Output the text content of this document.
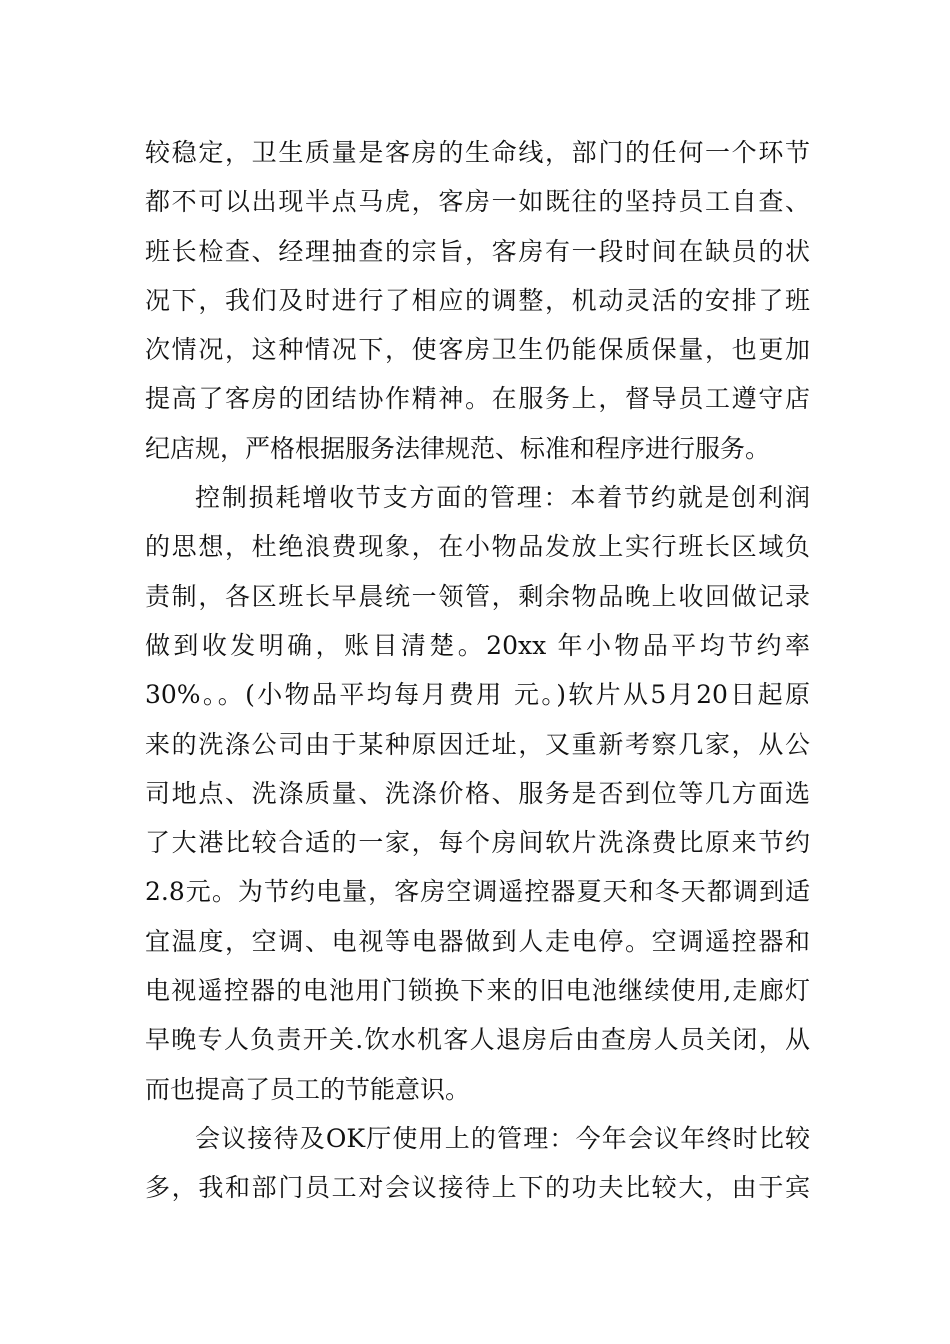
较稳定，卫生质量是客房的生命线，部门的任何一个环节
都不可以出现半点马虎，客房一如既往的坚持员工自查、
班长检查、经理抽查的宗旨，客房有一段时间在缺员的状
况下，我们及时进行了相应的调整，机动灵活的安排了班
次情况，这种情况下，使客房卫生仍能保质保量，也更加
提高了客房的团结协作精神。在服务上，督导员工遵守店
纪店规，严格根据服务法律规范、标准和程序进行服务。
控制损耗增收节支方面的管理：本着节约就是创利润
的思想，杜绝浪费现象，在小物品发放上实行班长区域负
责制，各区班长早晨统一领管，剩余物品晚上收回做记录
做到收发明确，账目清楚。20xx 年小物品平均节约率
30%。。(小物品平均每月费用 元。)软片从5月20日起原
来的洗涤公司由于某种原因迁址，又重新考察几家，从公
司地点、洗涤质量、洗涤价格、服务是否到位等几方面选
了大港比较合适的一家，每个房间软片洗涤费比原来节约
2.8元。为节约电量，客房空调遥控器夏天和冬天都调到适
宜温度，空调、电视等电器做到人走电停。空调遥控器和
电视遥控器的电池用门锁换下来的旧电池继续使用,走廊灯
早晚专人负责开关.饮水机客人退房后由查房人员关闭，从
而也提高了员工的节能意识。
会议接待及OK厅使用上的管理：今年会议年终时比较
多，我和部门员工对会议接待上下的功夫比较大，由于宾
